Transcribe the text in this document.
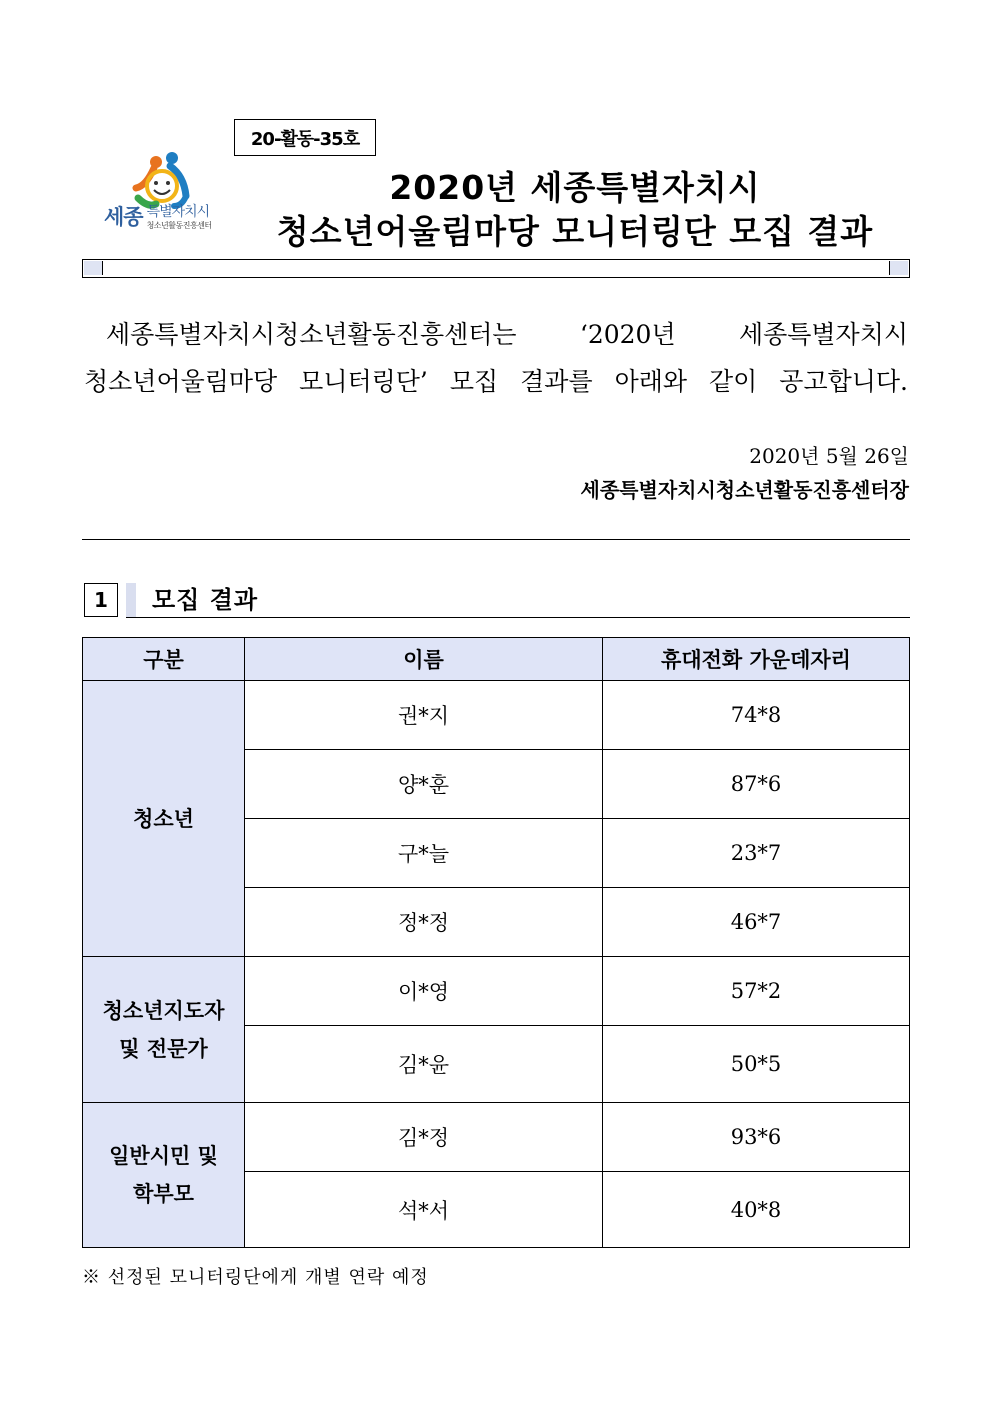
20-활동-35호
세종 특별자치시
청소년활동진흥센터
2020년 세종특별자치시
청소년어울림마당 모니터링단 모집 결과
세종특별자치시청소년활동진흥센터는 ‘2020년 세종특별자치시
청소년어울림마당 모니터링단’ 모집 결과를 아래와 같이 공고합니다.
2020년 5월 26일
세종특별자치시청소년활동진흥센터장
1	모집 결과
구분	이름	휴대전화 가운데자리

청소년	권*지	74*8
	양*훈	87*6
	구*늘	23*7
	정*정	46*7

청소년지도자
및 전문가	이*영	57*2
	김*윤	50*5

일반시민 및
학부모	김*정	93*6
	석*서	40*8
※ 선정된 모니터링단에게 개별 연락 예정
